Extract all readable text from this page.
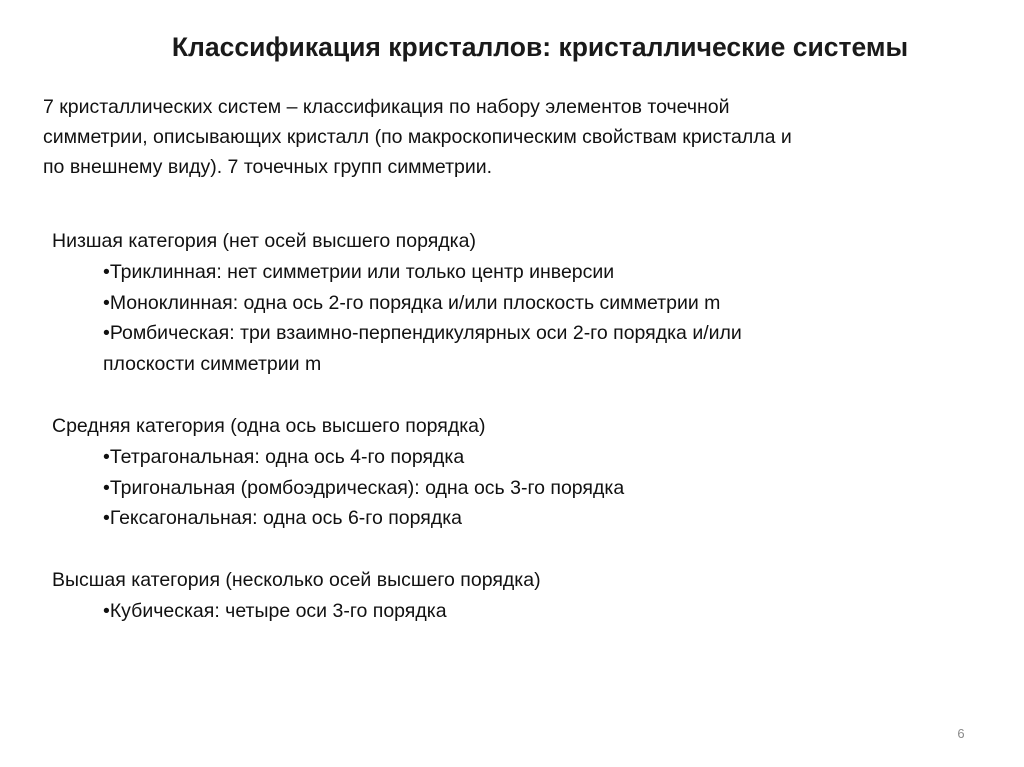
Классификация кристаллов: кристаллические системы
7 кристаллических систем – классификация по набору элементов точечной
симметрии, описывающих кристалл (по макроскопическим свойствам кристалла и
по внешнему виду). 7 точечных групп симметрии.
Низшая категория (нет осей высшего порядка)
•Триклинная: нет симметрии или только центр инверсии
•Моноклинная: одна ось 2-го порядка и/или плоскость симметрии m
•Ромбическая: три взаимно-перпендикулярных оси 2-го порядка и/или
плоскости симметрии m
Средняя категория (одна ось высшего порядка)
•Тетрагональная: одна ось 4-го порядка
•Тригональная (ромбоэдрическая): одна ось 3-го порядка
•Гексагональная: одна ось 6-го порядка
Высшая категория (несколько осей высшего порядка)
•Кубическая: четыре оси 3-го порядка
6
